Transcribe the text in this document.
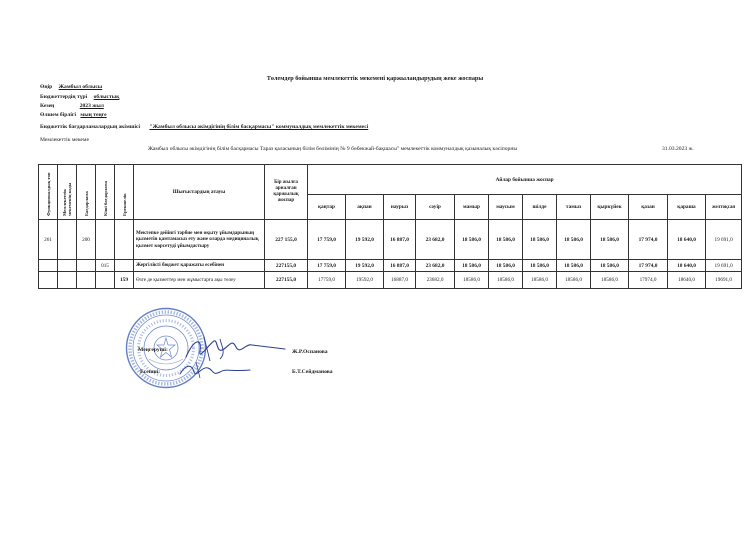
Төлемдер бойынша мемлекеттік мекемені қаржыландырудың жеке жоспары
Өңір Жамбыл облысы
Бюджеттердің түрі облыстық
Кезең	2023 жыл
Өлшем бірлігі мың теңге
Бюджеттік бағдарламалардың әкімшісі "Жамбыл облысы әкімдігінің білім басқармасы" коммуналдық мемлекеттік мекемесі
Мемлекеттік мекеме
Жамбыл облысы әкімдігінің білім басқармасы Тараз қаласының білім бөлімінің № 9 бөбекжай-бақшасы" мемлекеттік коммуналдық қазыналық кәсіпорны	31.03.2023 ж.
Функционалдық топ	Мемлекеттік мекеменің коды	Бағдарлама	Кіші бағдарлама	Ерекшелік	Шығыстардың атауы	Бір жылға арналған қаржылық жоспар	Айлар бойынша жоспар											
							қаңтар	ақпан	наурыз	сәуір	мамыр	маусым	шілде	тамыз	қыркүйек	қазан	қараша	желтоқсан
261		200			Мектепке дейінгі тәрбие мен оқыту ұйымдарының қызметін қамтамасыз ету және оларда медициналық қызмет көрсетуді ұйымдастыру	227 155,0	17 759,0	19 592,0	16 887,0	23 682,0	18 586,0	18 586,0	18 586,0	18 586,0	18 586,0	17 974,0	18 640,0	19 691,0
			015		Жергілікті бюджет қаражаты есебінен	227155,0	17 759,0	19 592,0	16 887,0	23 682,0	18 586,0	18 586,0	18 586,0	18 586,0	18 586,0	17 974,0	18 640,0	19 691,0
				159	Өзге де қызметтер мен жұмыстарға ақы төлеу	227155,0	17759,0	19592,0	16887,0	23682,0	18586,0	18586,0	18586,0	18586,0	18586,0	17974,0	18640,0	19691,0
Меңгеруші:
Есепші:
Ж.Р.Оспанова
Б.Т.Сейдманова
